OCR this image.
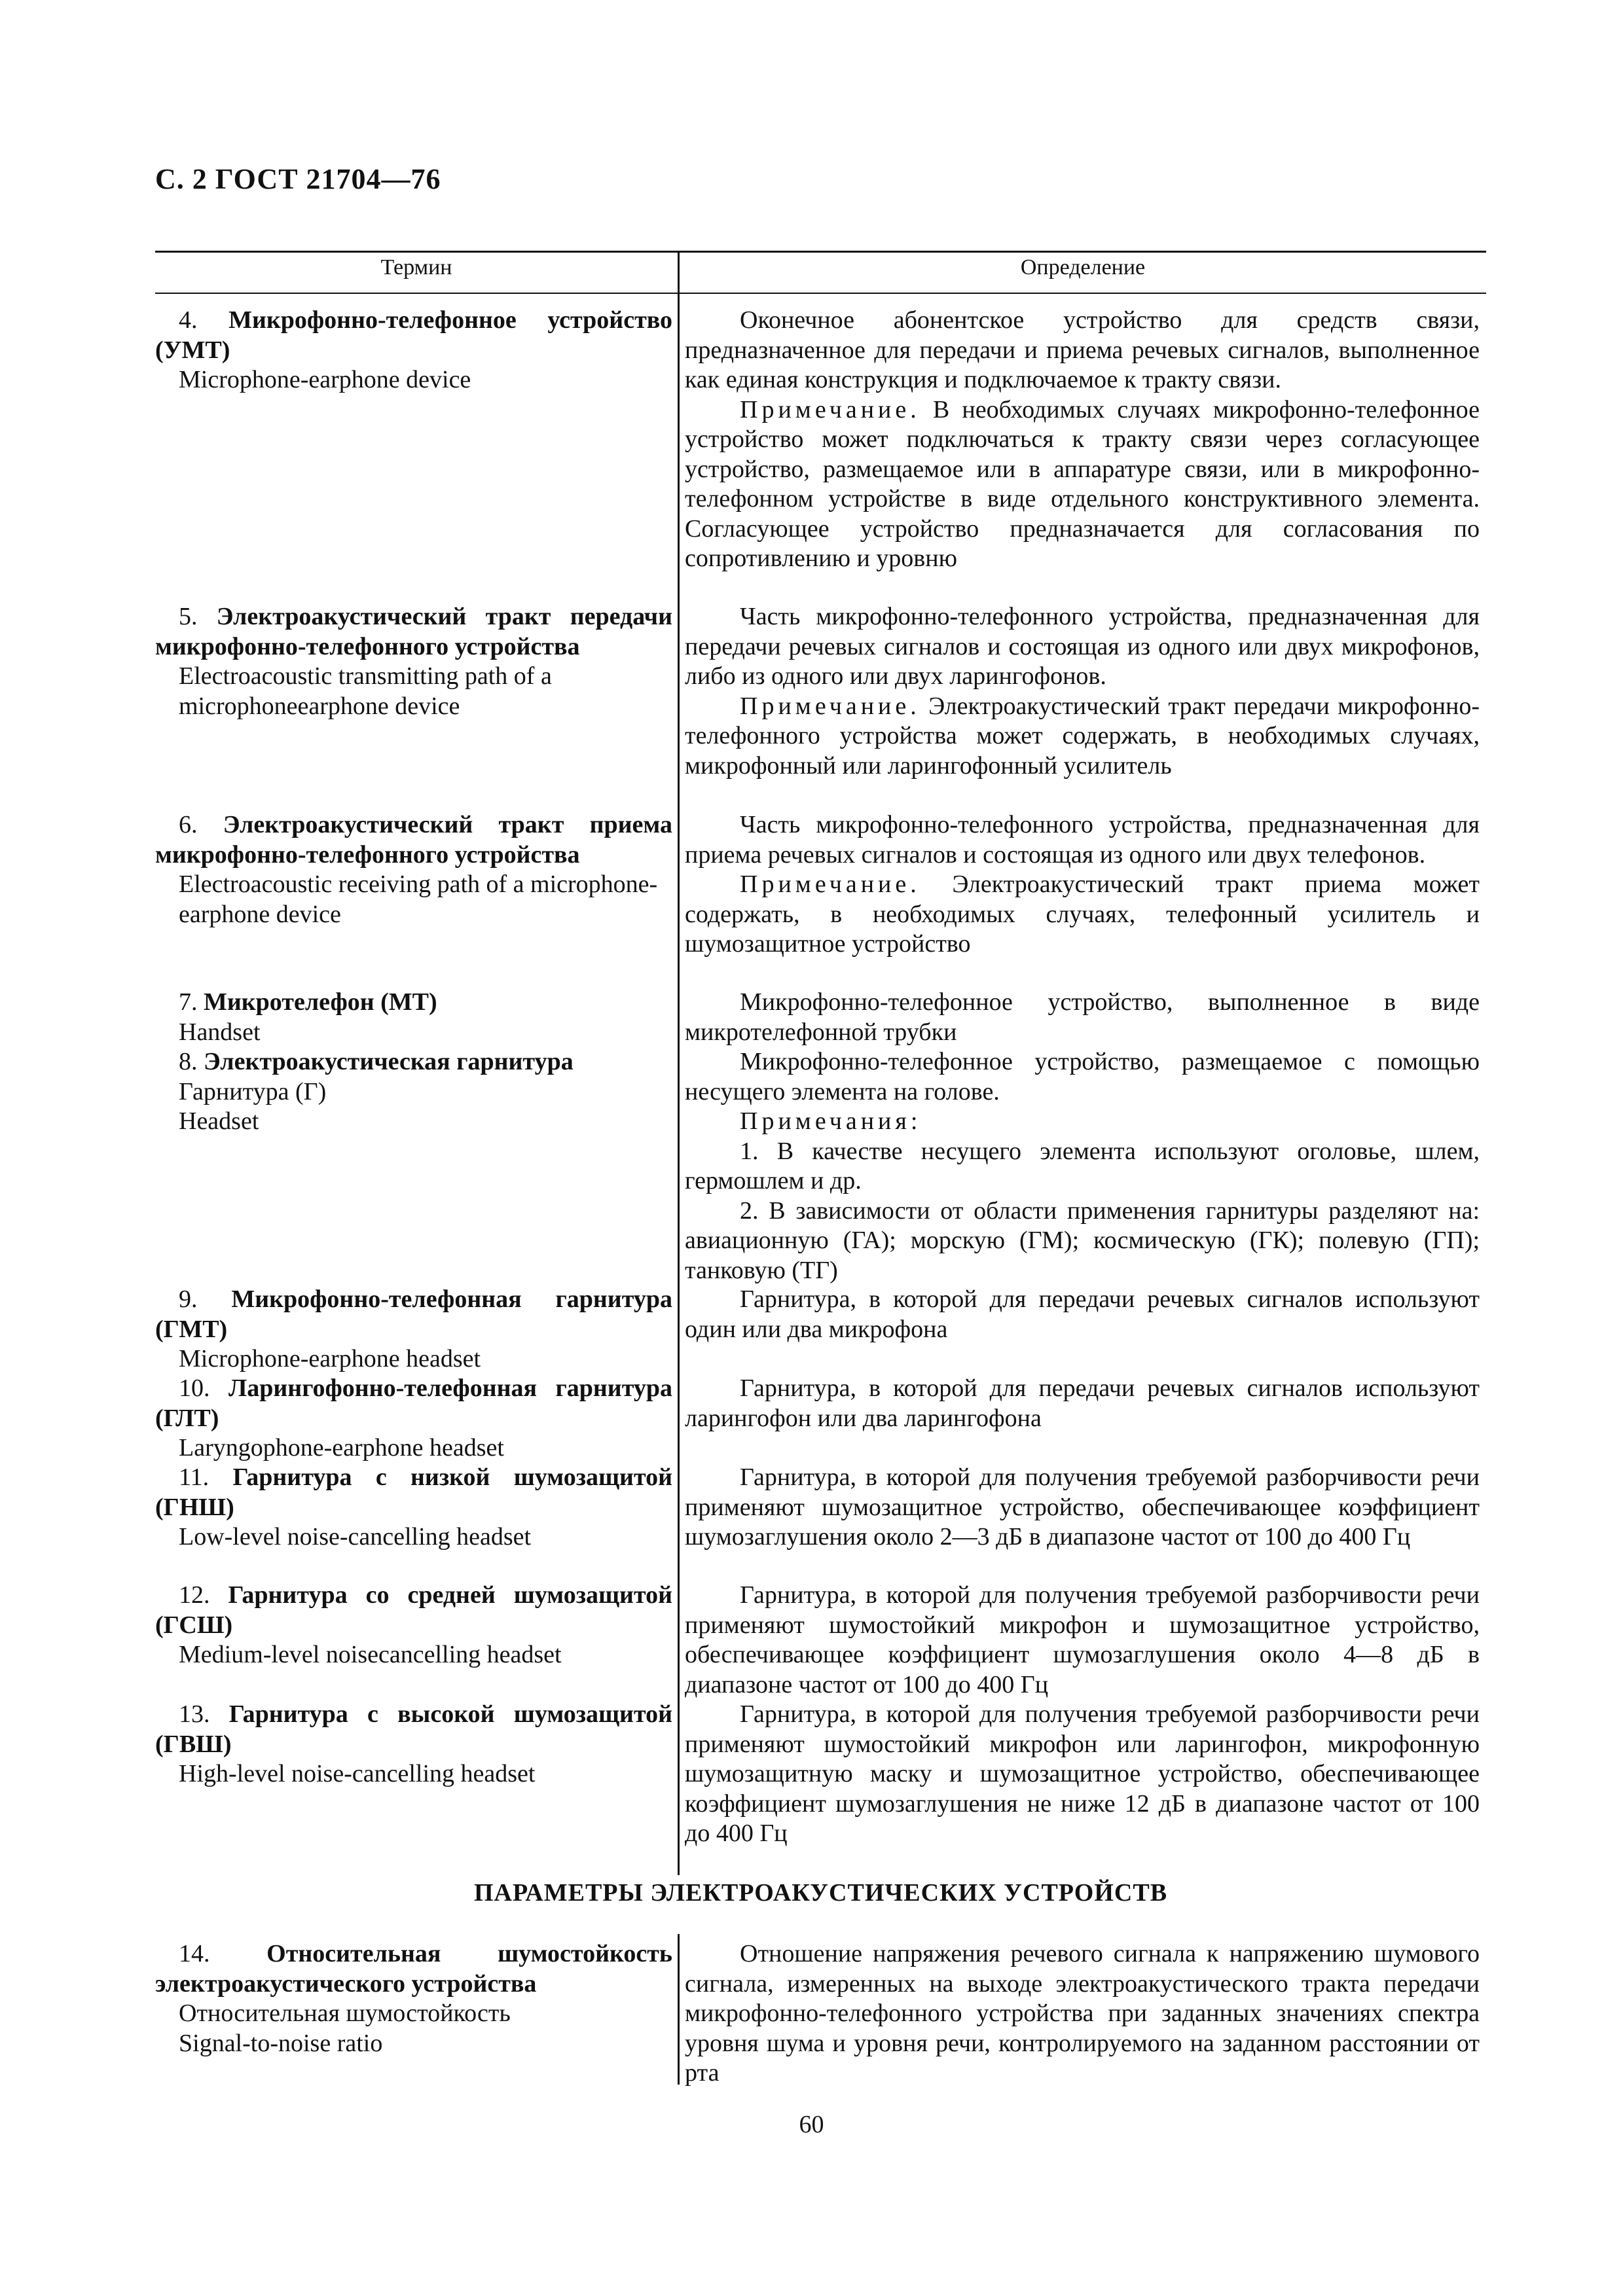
С. 2 ГОСТ 21704—76
Термин	Определение
4. Микрофонно-телефонное устройство (УМТ)
Microphone-earphone device
Оконечное абонентское устройство для средств связи, предназначенное для передачи и приема речевых сигналов, выполненное как единая конструкция и подключаемое к тракту связи.
Примечание. В необходимых случаях микрофонно-телефонное устройство может подключаться к тракту связи через согласующее устройство, размещаемое или в аппаратуре связи, или в микрофонно-телефонном устройстве в виде отдельного конструктивного элемента. Согласующее устройство предназначается для согласования по сопротивлению и уровню
5. Электроакустический тракт передачи микрофонно-телефонного устройства
Electroacoustic transmitting path of a microphoneearphone device
Часть микрофонно-телефонного устройства, предназначенная для передачи речевых сигналов и состоящая из одного или двух микрофонов, либо из одного или двух ларингофонов.
Примечание. Электроакустический тракт передачи микрофонно-телефонного устройства может содержать, в необходимых случаях, микрофонный или ларингофонный усилитель
6. Электроакустический тракт приема микрофонно-телефонного устройства
Electroacoustic receiving path of a microphone-earphone device
Часть микрофонно-телефонного устройства, предназначенная для приема речевых сигналов и состоящая из одного или двух телефонов.
Примечание. Электроакустический тракт приема может содержать, в необходимых случаях, телефонный усилитель и шумозащитное устройство
7. Микротелефон (МТ)
Handset
Микрофонно-телефонное устройство, выполненное в виде микротелефонной трубки
8. Электроакустическая гарнитура
Гарнитура (Г)
Headset
Микрофонно-телефонное устройство, размещаемое с помощью несущего элемента на голове.
Примечания:
1. В качестве несущего элемента используют оголовье, шлем, гермошлем и др.
2. В зависимости от области применения гарнитуры разделяют на: авиационную (ГА); морскую (ГМ); космическую (ГК); полевую (ГП); танковую (ТГ)
9. Микрофонно-телефонная гарнитура (ГМТ)
Microphone-earphone headset
Гарнитура, в которой для передачи речевых сигналов используют один или два микрофона
10. Ларингофонно-телефонная гарнитура (ГЛТ)
Laryngophone-earphone headset
Гарнитура, в которой для передачи речевых сигналов используют ларингофон или два ларингофона
11. Гарнитура с низкой шумозащитой (ГНШ)
Low-level noise-cancelling headset
Гарнитура, в которой для получения требуемой разборчивости речи применяют шумозащитное устройство, обеспечивающее коэффициент шумозаглушения около 2—3 дБ в диапазоне частот от 100 до 400 Гц
12. Гарнитура со средней шумозащитой (ГСШ)
Medium-level noisecancelling headset
Гарнитура, в которой для получения требуемой разборчивости речи применяют шумостойкий микрофон и шумозащитное устройство, обеспечивающее коэффициент шумозаглушения около 4—8 дБ в диапазоне частот от 100 до 400 Гц
13. Гарнитура с высокой шумозащитой (ГВШ)
High-level noise-cancelling headset
Гарнитура, в которой для получения требуемой разборчивости речи применяют шумостойкий микрофон или ларингофон, микрофонную шумозащитную маску и шумозащитное устройство, обеспечивающее коэффициент шумозаглушения не ниже 12 дБ в диапазоне частот от 100 до 400 Гц
ПАРАМЕТРЫ ЭЛЕКТРОАКУСТИЧЕСКИХ УСТРОЙСТВ
14. Относительная шумостойкость электроакустического устройства
Относительная шумостойкость
Signal-to-noise ratio
Отношение напряжения речевого сигнала к напряжению шумового сигнала, измеренных на выходе электроакустического тракта передачи микрофонно-телефонного устройства при заданных значениях спектра уровня шума и уровня речи, контролируемого на заданном расстоянии от рта
60
